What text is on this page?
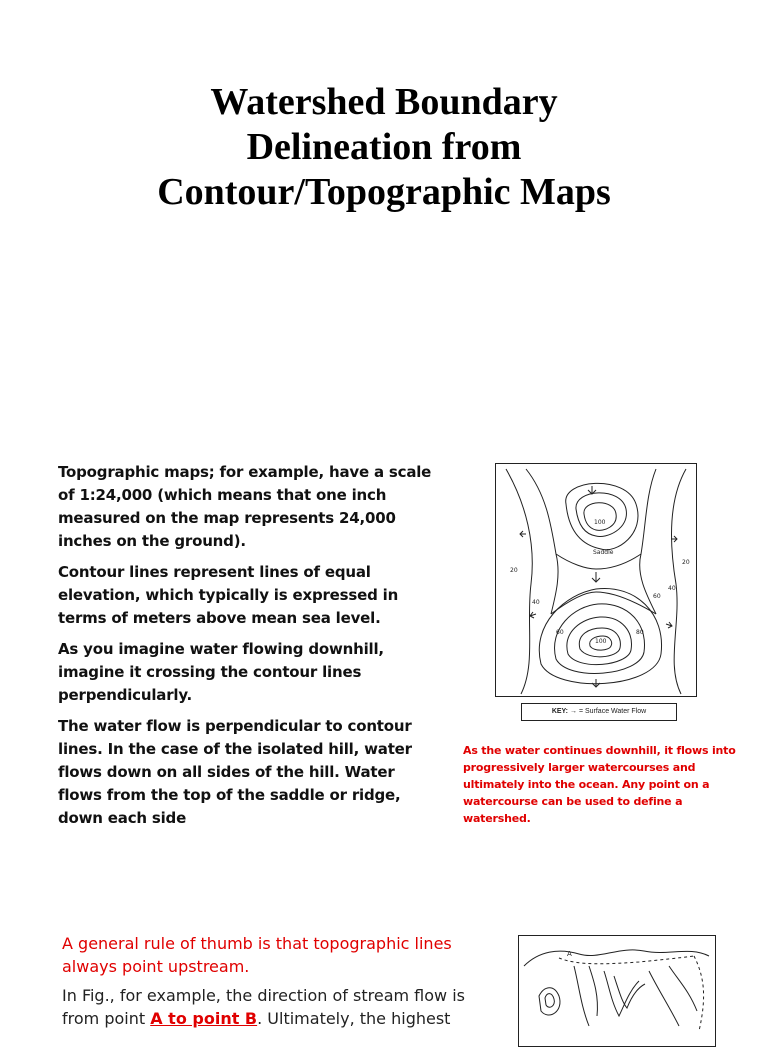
Watershed Boundary
Delineation from
Contour/Topographic Maps

Topographic maps; for example, have a scale of 1:24,000 (which means that one inch measured on the map represents 24,000 inches on the ground).

Contour lines represent lines of equal elevation, which typically is expressed in terms of meters above mean sea level.

As you imagine water flowing downhill, imagine it crossing the contour lines perpendicularly.

The water flow is perpendicular to contour lines. In the case of the isolated hill, water flows down on all sides of the hill. Water flows from the top of the saddle or ridge, down each side

Saddle
100
100
20
40
60	80
60
40
20
KEY: → = Surface Water Flow
As the water continues downhill, it flows into progressively larger watercourses and ultimately into the ocean. Any point on a watercourse can be used to define a watershed.
A general rule of thumb is that topographic lines always point upstream.
In Fig., for example, the direction of stream flow is from point A to point B. Ultimately, the highest
A
